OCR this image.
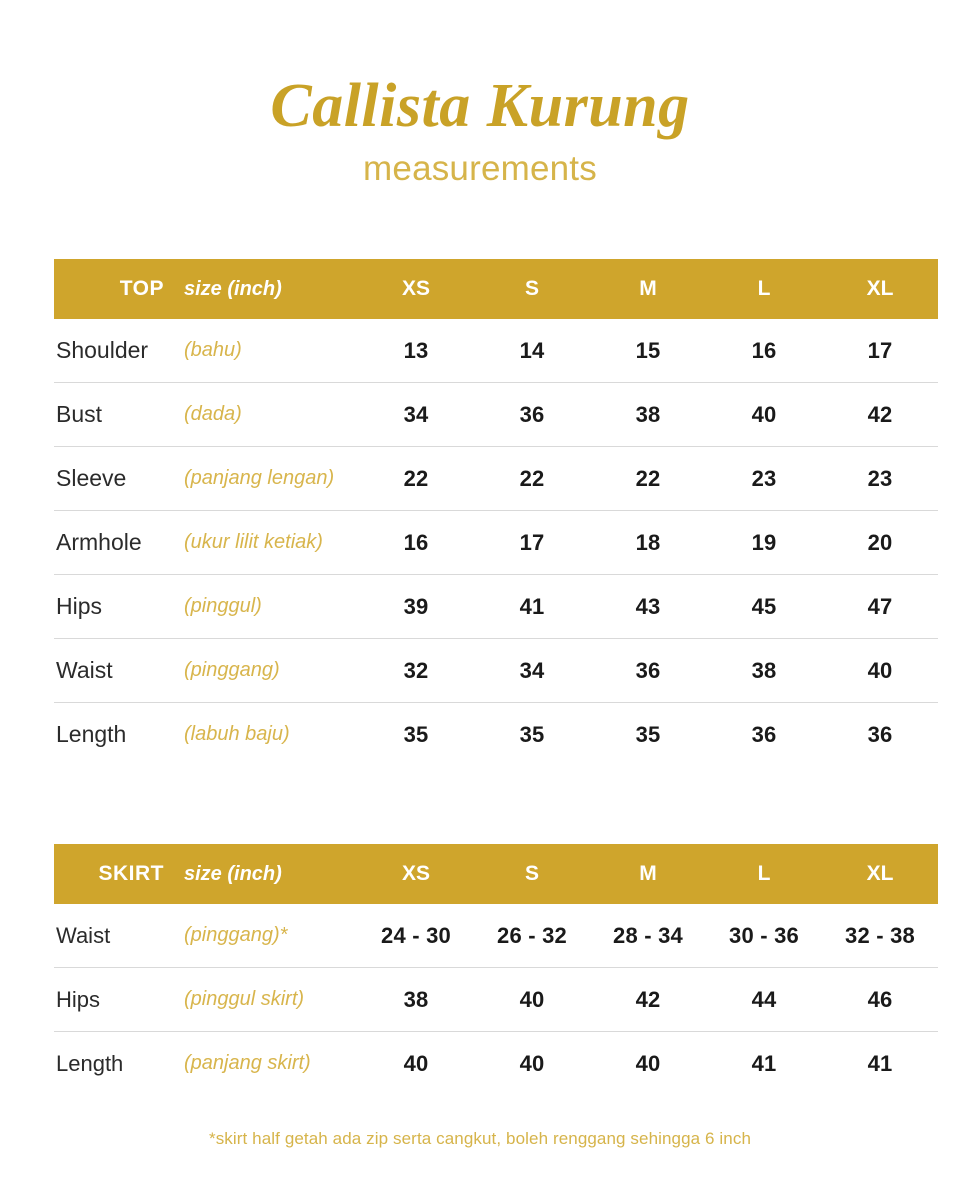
Callista Kurung
measurements
TOP	size (inch)	XS	S	M	L	XL
Shoulder	(bahu)	13	14	15	16	17
Bust	(dada)	34	36	38	40	42
Sleeve	(panjang lengan)	22	22	22	23	23
Armhole	(ukur lilit ketiak)	16	17	18	19	20
Hips	(pinggul)	39	41	43	45	47
Waist	(pinggang)	32	34	36	38	40
Length	(labuh baju)	35	35	35	36	36
SKIRT	size (inch)	XS	S	M	L	XL
Waist	(pinggang)*	24 - 30	26 - 32	28 - 34	30 - 36	32 - 38
Hips	(pinggul skirt)	38	40	42	44	46
Length	(panjang skirt)	40	40	40	41	41
*skirt half getah ada zip serta cangkut, boleh renggang sehingga 6 inch
